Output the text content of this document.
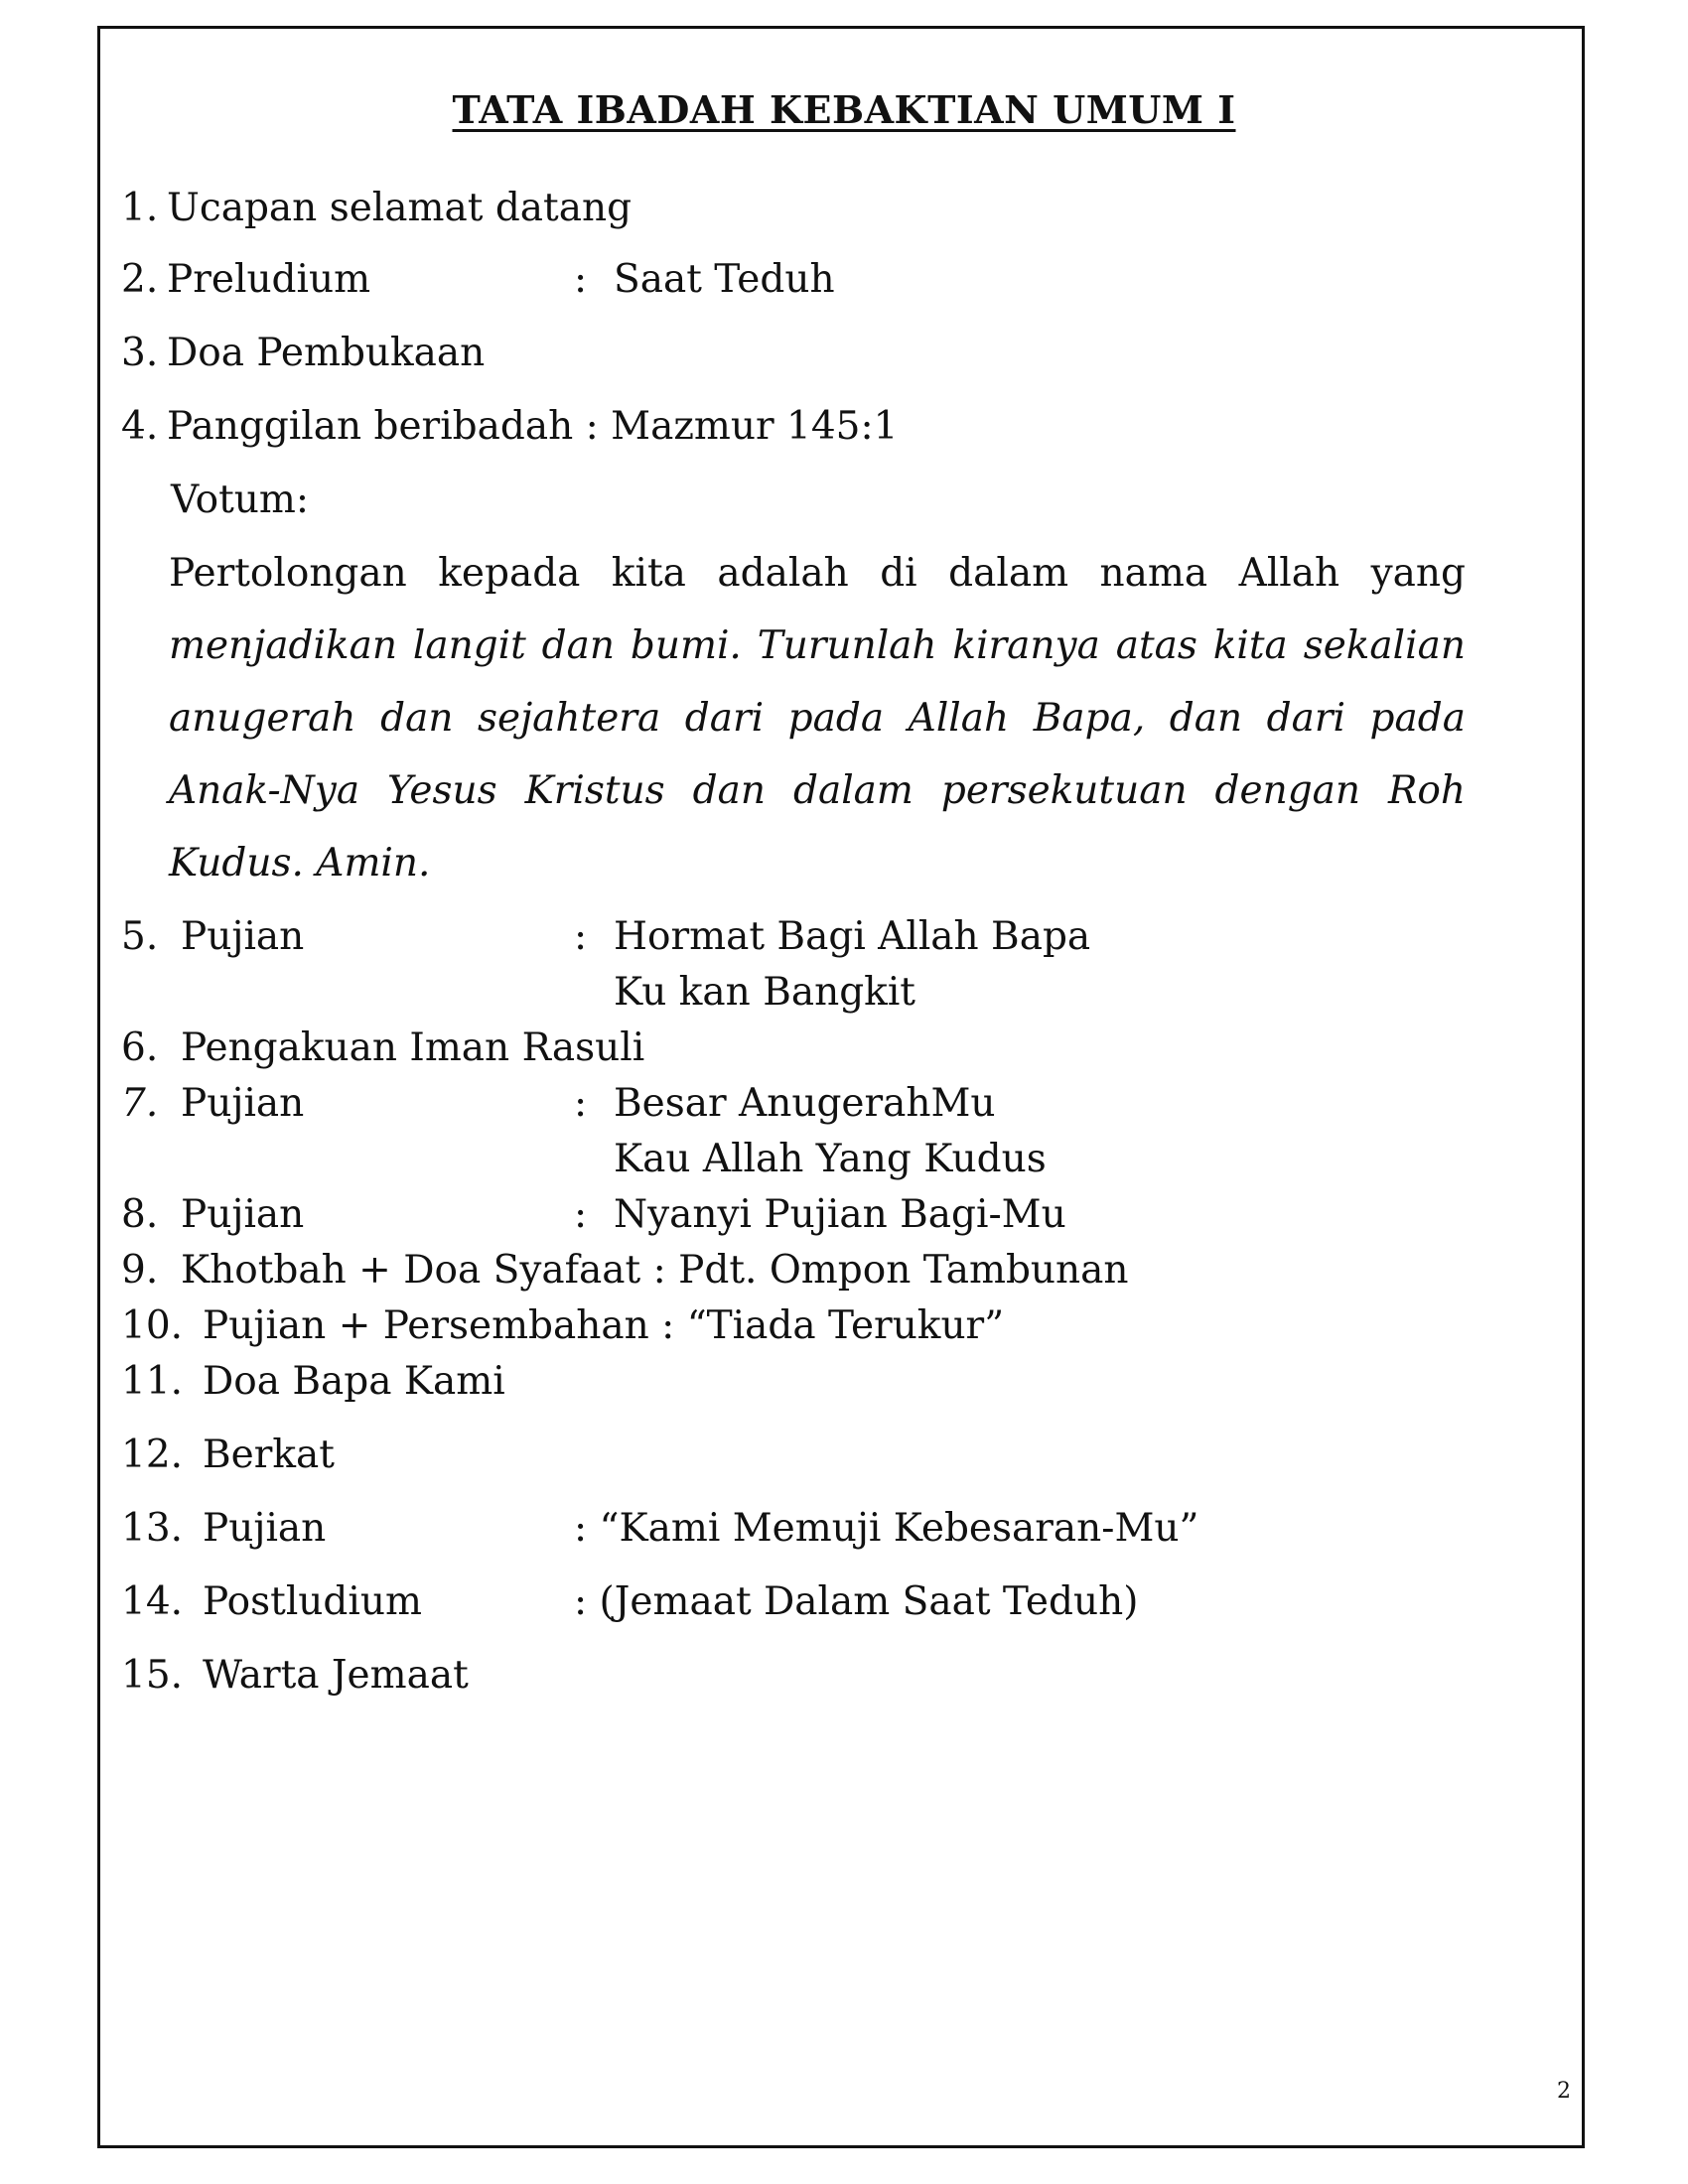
TATA IBADAH KEBAKTIAN UMUM I
1. Ucapan selamat datang
2. Preludium	: Saat Teduh
3. Doa Pembukaan
4. Panggilan beribadah : Mazmur 145:1
Votum:
Pertolongan kepada kita adalah di dalam nama Allah yang
menjadikan langit dan bumi. Turunlah kiranya atas kita sekalian
anugerah dan sejahtera dari pada Allah Bapa, dan dari pada
Anak-Nya Yesus Kristus dan dalam persekutuan dengan Roh
Kudus. Amin.
5. Pujian	: Hormat Bagi Allah Bapa
Ku kan Bangkit
6. Pengakuan Iman Rasuli
7. Pujian	: Besar AnugerahMu
Kau Allah Yang Kudus
8. Pujian	: Nyanyi Pujian Bagi-Mu
9. Khotbah + Doa Syafaat : Pdt. Ompon Tambunan
10. Pujian + Persembahan : “Tiada Terukur”
11. Doa Bapa Kami
12. Berkat
13. Pujian	: “Kami Memuji Kebesaran-Mu”
14. Postludium	: (Jemaat Dalam Saat Teduh)
15. Warta Jemaat
2
